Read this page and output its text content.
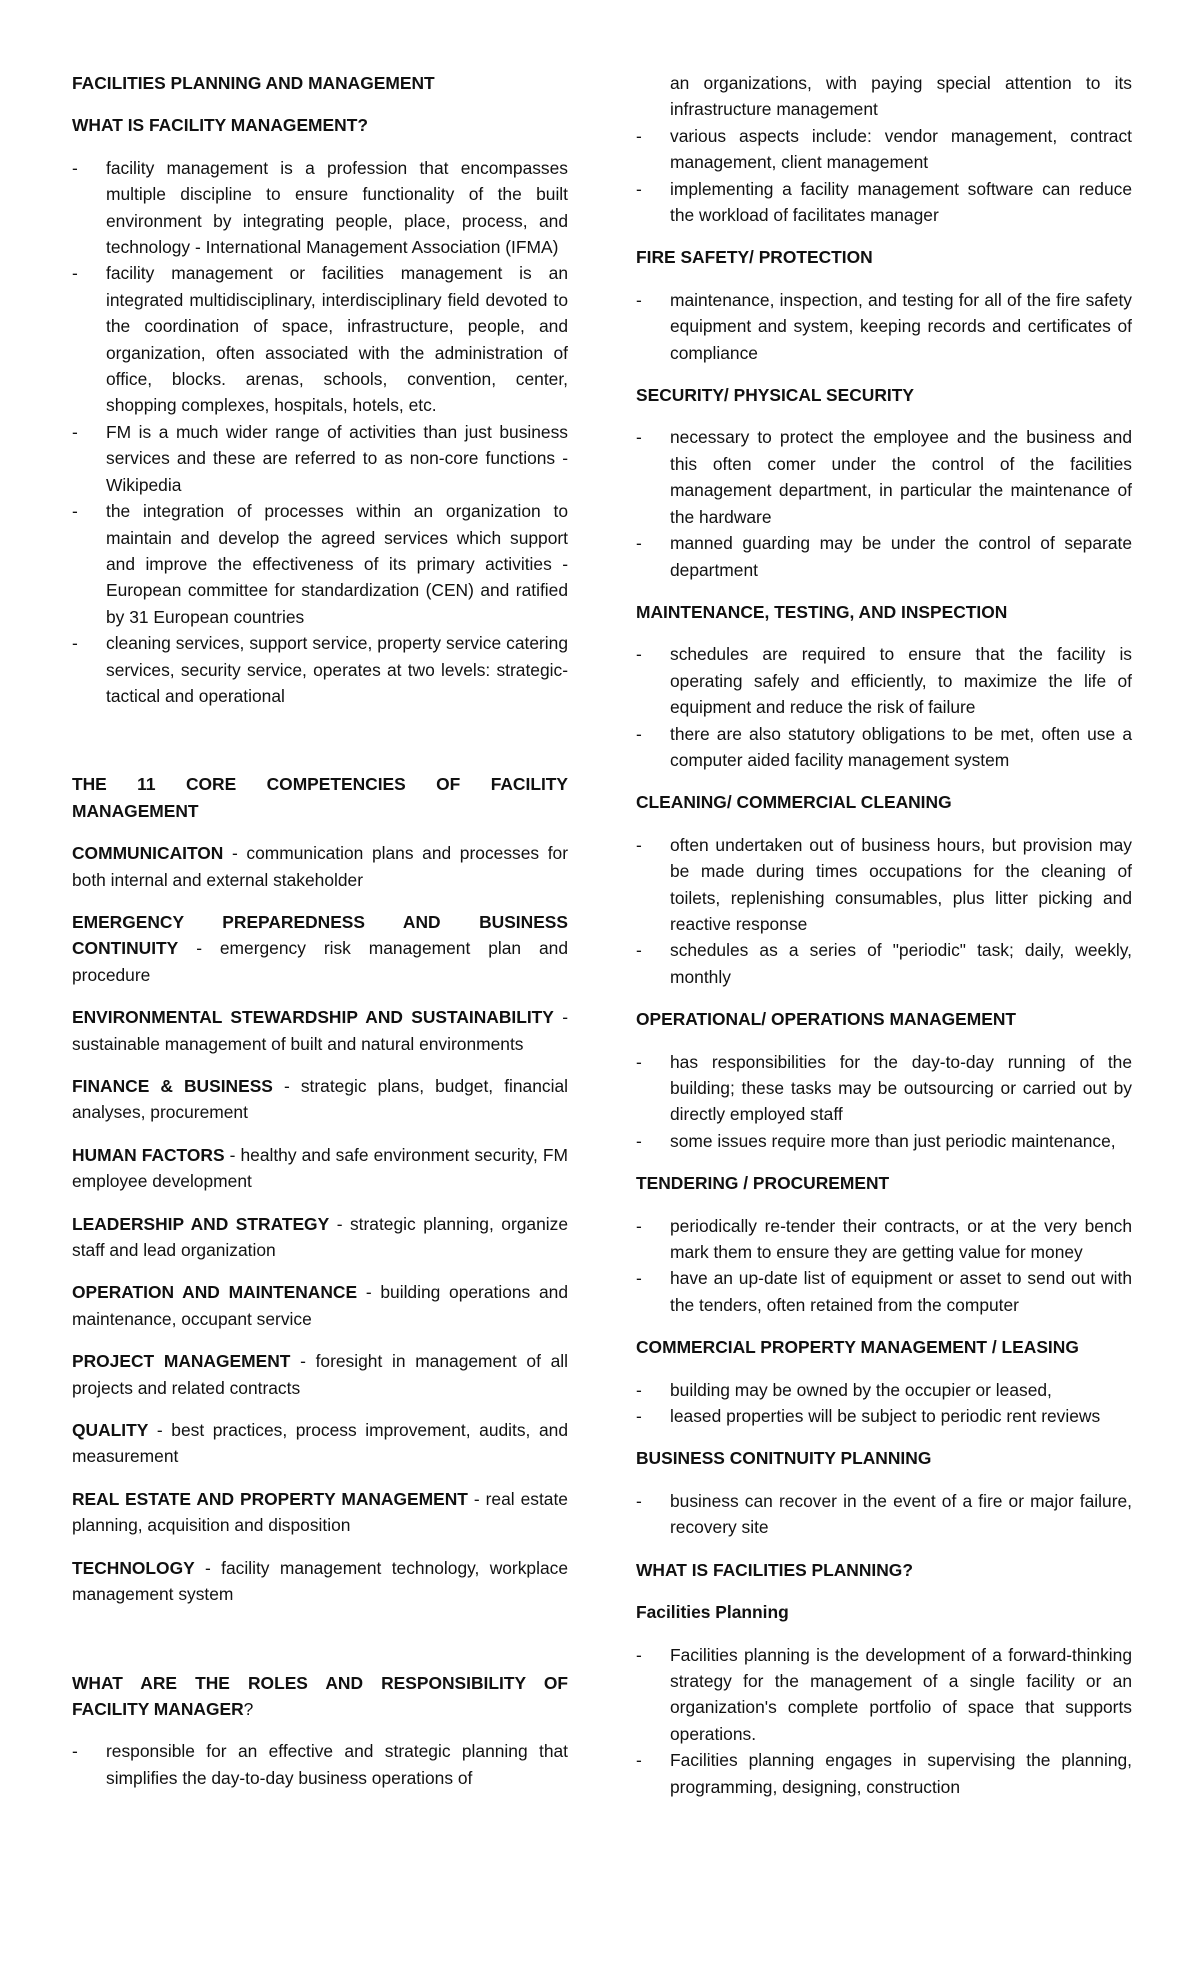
FACILITIES PLANNING AND MANAGEMENT
WHAT IS FACILITY MANAGEMENT?
- facility management is a profession that encompasses multiple discipline to ensure functionality of the built environment by integrating people, place, process, and technology - International Management Association (IFMA)
- facility management or facilities management is an integrated multidisciplinary, interdisciplinary field devoted to the coordination of space, infrastructure, people, and organization, often associated with the administration of office, blocks. arenas, schools, convention, center, shopping complexes, hospitals, hotels, etc.
- FM is a much wider range of activities than just business services and these are referred to as non-core functions - Wikipedia
- the integration of processes within an organization to maintain and develop the agreed services which support and improve the effectiveness of its primary activities - European committee for standardization (CEN) and ratified by 31 European countries
- cleaning services, support service, property service catering services, security service, operates at two levels: strategic-tactical and operational
THE 11 CORE COMPETENCIES OF FACILITY MANAGEMENT
COMMUNICAITON - communication plans and processes for both internal and external stakeholder
EMERGENCY PREPAREDNESS AND BUSINESS CONTINUITY - emergency risk management plan and procedure
ENVIRONMENTAL STEWARDSHIP AND SUSTAINABILITY - sustainable management of built and natural environments
FINANCE & BUSINESS - strategic plans, budget, financial analyses, procurement
HUMAN FACTORS - healthy and safe environment security, FM employee development
LEADERSHIP AND STRATEGY - strategic planning, organize staff and lead organization
OPERATION AND MAINTENANCE - building operations and maintenance, occupant service
PROJECT MANAGEMENT - foresight in management of all projects and related contracts
QUALITY - best practices, process improvement, audits, and measurement
REAL ESTATE AND PROPERTY MANAGEMENT - real estate planning, acquisition and disposition
TECHNOLOGY - facility management technology, workplace management system
WHAT ARE THE ROLES AND RESPONSIBILITY OF FACILITY MANAGER?
- responsible for an effective and strategic planning that simplifies the day-to-day business operations of
an organizations, with paying special attention to its infrastructure management
- various aspects include: vendor management, contract management, client management
- implementing a facility management software can reduce the workload of facilitates manager
FIRE SAFETY/ PROTECTION
- maintenance, inspection, and testing for all of the fire safety equipment and system, keeping records and certificates of compliance
SECURITY/ PHYSICAL SECURITY
- necessary to protect the employee and the business and this often comer under the control of the facilities management department, in particular the maintenance of the hardware
- manned guarding may be under the control of separate department
MAINTENANCE, TESTING, AND INSPECTION
- schedules are required to ensure that the facility is operating safely and efficiently, to maximize the life of equipment and reduce the risk of failure
- there are also statutory obligations to be met, often use a computer aided facility management system
CLEANING/ COMMERCIAL CLEANING
- often undertaken out of business hours, but provision may be made during times occupations for the cleaning of toilets, replenishing consumables, plus litter picking and reactive response
- schedules as a series of "periodic" task; daily, weekly, monthly
OPERATIONAL/ OPERATIONS MANAGEMENT
- has responsibilities for the day-to-day running of the building; these tasks may be outsourcing or carried out by directly employed staff
- some issues require more than just periodic maintenance,
TENDERING / PROCUREMENT
- periodically re-tender their contracts, or at the very bench mark them to ensure they are getting value for money
- have an up-date list of equipment or asset to send out with the tenders, often retained from the computer
COMMERCIAL PROPERTY MANAGEMENT / LEASING
- building may be owned by the occupier or leased,
- leased properties will be subject to periodic rent reviews
BUSINESS CONITNUITY PLANNING
- business can recover in the event of a fire or major failure, recovery site
WHAT IS FACILITIES PLANNING?
Facilities Planning
- Facilities planning is the development of a forward-thinking strategy for the management of a single facility or an organization's complete portfolio of space that supports operations.
- Facilities planning engages in supervising the planning, programming, designing, construction
